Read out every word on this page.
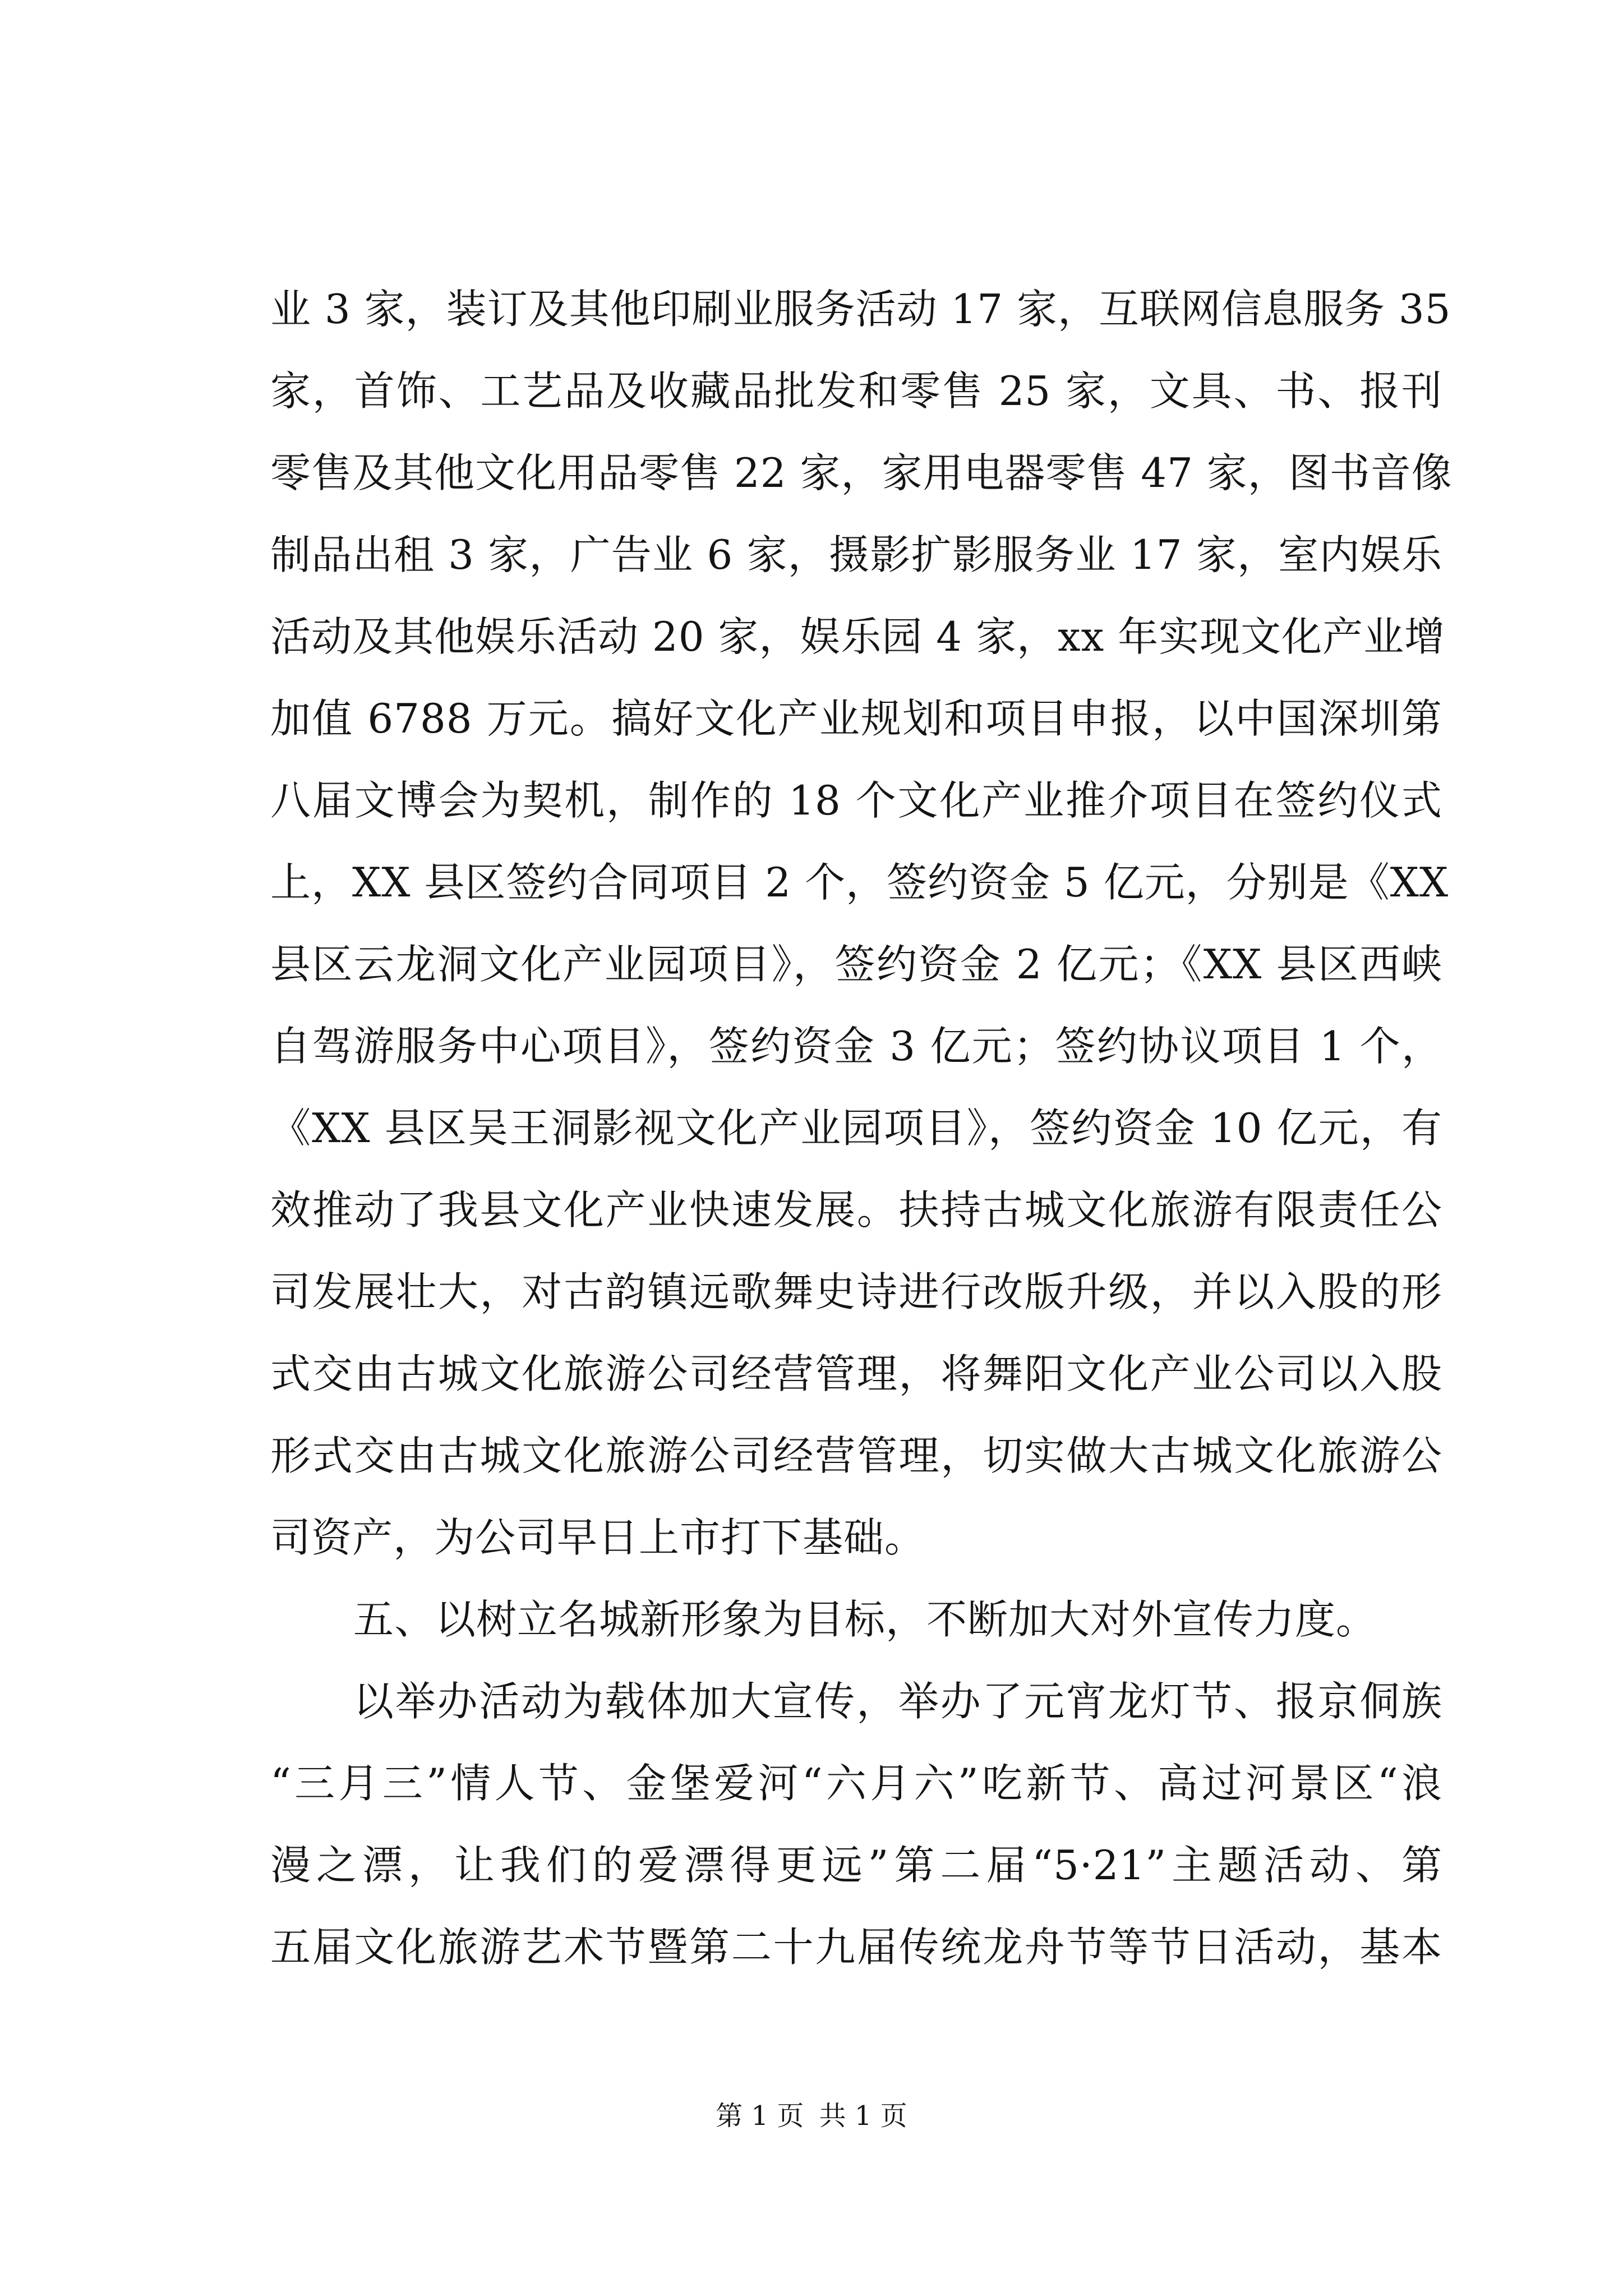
业 3 家，装订及其他印刷业服务活动 17 家，互联网信息服务 35
家，首饰、工艺品及收藏品批发和零售 25 家，文具、书、报刊
零售及其他文化用品零售 22 家，家用电器零售 47 家，图书音像
制品出租 3 家，广告业 6 家，摄影扩影服务业 17 家，室内娱乐
活动及其他娱乐活动 20 家，娱乐园 4 家，xx 年实现文化产业增
加值 6788 万元。搞好文化产业规划和项目申报，以中国深圳第
八届文博会为契机，制作的 18 个文化产业推介项目在签约仪式
上，XX 县区签约合同项目 2 个，签约资金 5 亿元，分别是《XX
县区云龙洞文化产业园项目》，签约资金 2 亿元；《XX 县区西峡
自驾游服务中心项目》，签约资金 3 亿元；签约协议项目 1 个，
《XX 县区吴王洞影视文化产业园项目》，签约资金 10 亿元，有
效推动了我县文化产业快速发展。扶持古城文化旅游有限责任公
司发展壮大，对古韵镇远歌舞史诗进行改版升级，并以入股的形
式交由古城文化旅游公司经营管理，将舞阳文化产业公司以入股
形式交由古城文化旅游公司经营管理，切实做大古城文化旅游公
司资产，为公司早日上市打下基础。
五、以树立名城新形象为目标，不断加大对外宣传力度。
以举办活动为载体加大宣传，举办了元宵龙灯节、报京侗族
“三月三”情人节、金堡爱河“六月六”吃新节、高过河景区“浪
漫之漂，让我们的爱漂得更远”第二届“5·21”主题活动、第
五届文化旅游艺术节暨第二十九届传统龙舟节等节日活动，基本
第 1 页 共 1 页
